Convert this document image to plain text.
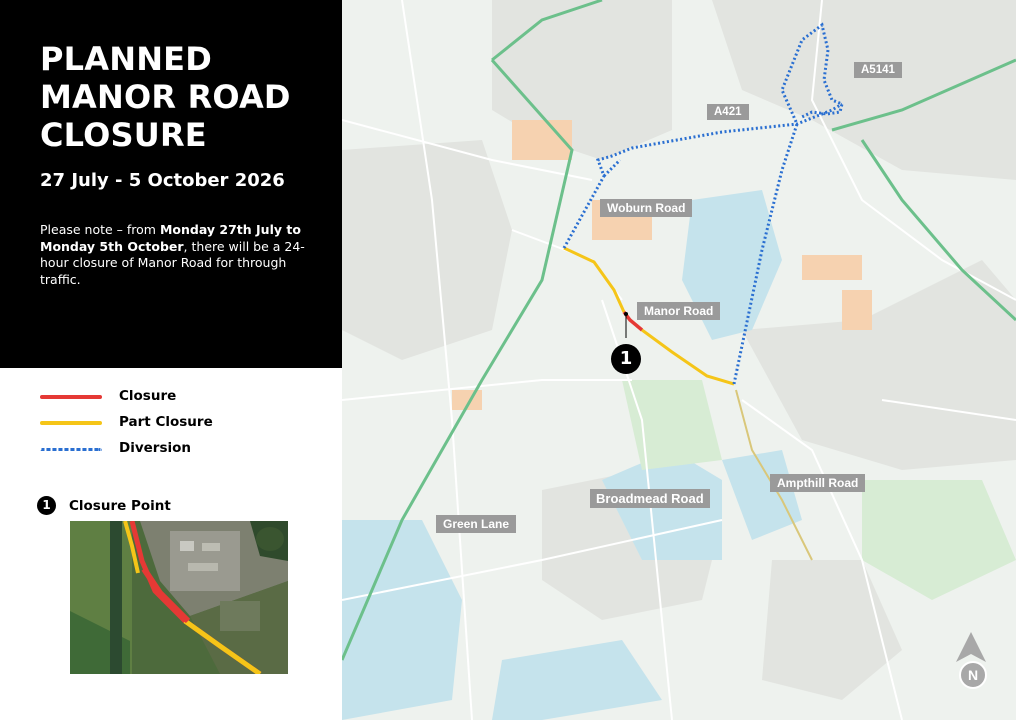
PLANNED
MANOR ROAD
CLOSURE

27 July - 5 October 2026

Please note – from Monday 27th July to Monday 5th October, there will be a 24-hour closure of Manor Road for through traffic.

Closure
Part Closure
Diversion
1	Closure Point
A5141
A421
Woburn Road
Manor Road
Broadmead Road
Ampthill Road
Green Lane
1
N
